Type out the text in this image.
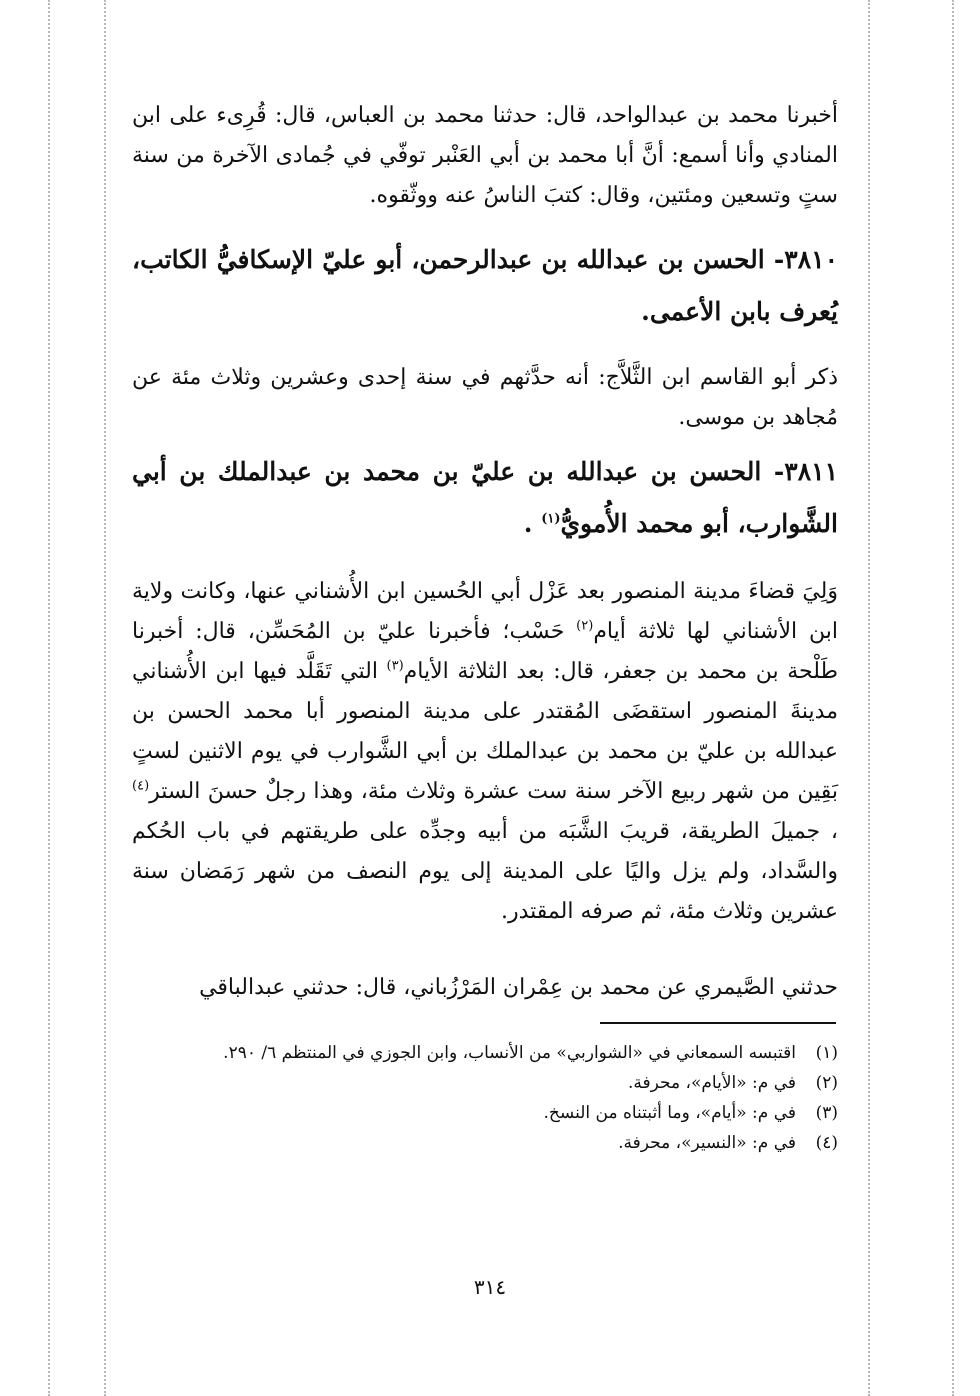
أخبرنا محمد بن عبدالواحد، قال: حدثنا محمد بن العباس، قال: قُرِىء على ابن المنادي وأنا أسمع: أنَّ أبا محمد بن أبي العَنْبر توفّي في جُمادى الآخرة من سنة ستٍ وتسعين ومئتين، وقال: كتبَ الناسُ عنه ووثّقوه.
٣٨١٠- الحسن بن عبدالله بن عبدالرحمن، أبو عليّ الإسكافيُّ الكاتب، يُعرف بابن الأعمى.
ذكر أبو القاسم ابن الثَّلاَّج: أنه حدَّثهم في سنة إحدى وعشرين وثلاث مئة عن مُجاهد بن موسى.
٣٨١١- الحسن بن عبدالله بن عليّ بن محمد بن عبدالملك بن أبي الشَّوارب، أبو محمد الأُمويُّ$^{(١)}$ .
وَلِيَ قضاءَ مدينة المنصور بعد عَزْل أبي الحُسين ابن الأُشناني عنها، وكانت ولاية ابن الأشناني لها ثلاثة أيام$^{(٢)}$ حَسْب؛ فأخبرنا عليّ بن المُحَسِّن، قال: أخبرنا طَلْحة بن محمد بن جعفر، قال: بعد الثلاثة الأيام$^{(٣)}$ التي تَقَلَّد فيها ابن الأُشناني مدينةَ المنصور استقضَى المُقتدر على مدينة المنصور أبا محمد الحسن بن عبدالله بن عليّ بن محمد بن عبدالملك بن أبي الشَّوارب في يوم الاثنين لستٍ بَقِين من شهر ربيع الآخر سنة ست عشرة وثلاث مئة، وهذا رجلٌ حسنَ الستر$^{(٤)}$ ، جميلَ الطريقة، قريبَ الشَّبَه من أبيه وجدِّه على طريقتهم في باب الحُكم والسَّداد، ولم يزل واليًا على المدينة إلى يوم النصف من شهر رَمَضان سنة عشرين وثلاث مئة، ثم صرفه المقتدر.
حدثني الصَّيمري عن محمد بن عِمْران المَرْزُباني، قال: حدثني عبدالباقي
(١)اقتبسه السمعاني في «الشواربي» من الأنساب، وابن الجوزي في المنتظم ٦/ ٢٩٠.
(٢)في م: «الأيام»، محرفة.
(٣)في م: «أيام»، وما أثبتناه من النسخ.
(٤)في م: «النسير»، محرفة.
٣١٤
